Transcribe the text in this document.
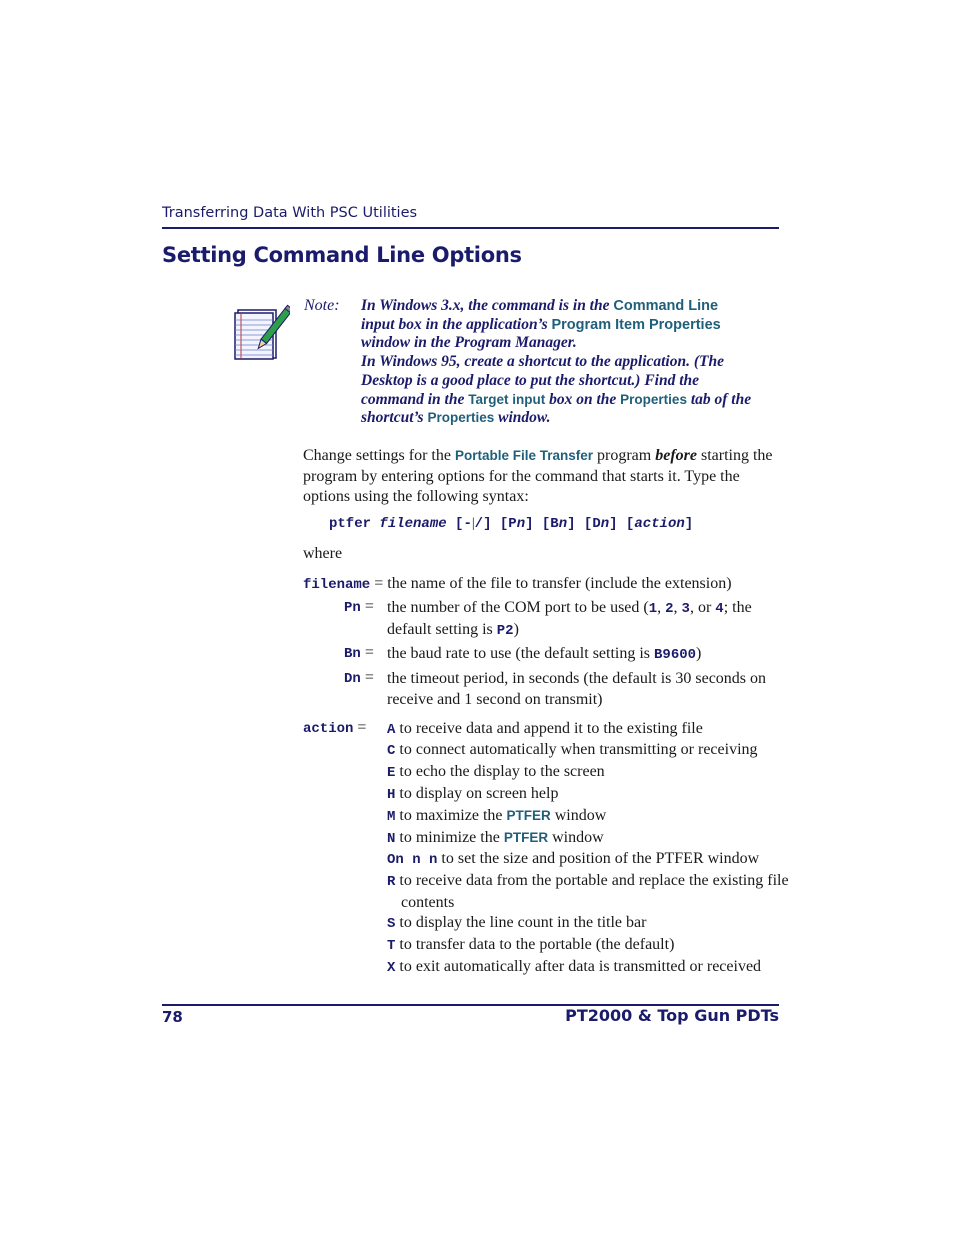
Transferring Data With PSC Utilities
Setting Command Line Options
Note: In Windows 3.x, the command is in the Command Line
input box in the application’s Program Item Properties
window in the Program Manager.
In Windows 95, create a shortcut to the application. (The
Desktop is a good place to put the shortcut.) Find the
command in the Target input box on the Properties tab of the
shortcut’s Properties window.
Change settings for the Portable File Transfer program before starting the program by entering options for the command that starts it. Type the options using the following syntax:
ptfer filename [-|/] [Pn] [Bn] [Dn] [action]
where
filename = the name of the file to transfer (include the extension)
Pn = the number of the COM port to be used (1, 2, 3, or 4; the default setting is P2)
Bn = the baud rate to use (the default setting is B9600)
Dn = the timeout period, in seconds (the default is 30 seconds on receive and 1 second on transmit)
action = A to receive data and append it to the existing file
C to connect automatically when transmitting or receiving
E to echo the display to the screen
H to display on screen help
M to maximize the PTFER window
N to minimize the PTFER window
On n n to set the size and position of the PTFER window
R to receive data from the portable and replace the existing file contents
S to display the line count in the title bar
T to transfer data to the portable (the default)
X to exit automatically after data is transmitted or received
78	PT2000 & Top Gun PDTs
